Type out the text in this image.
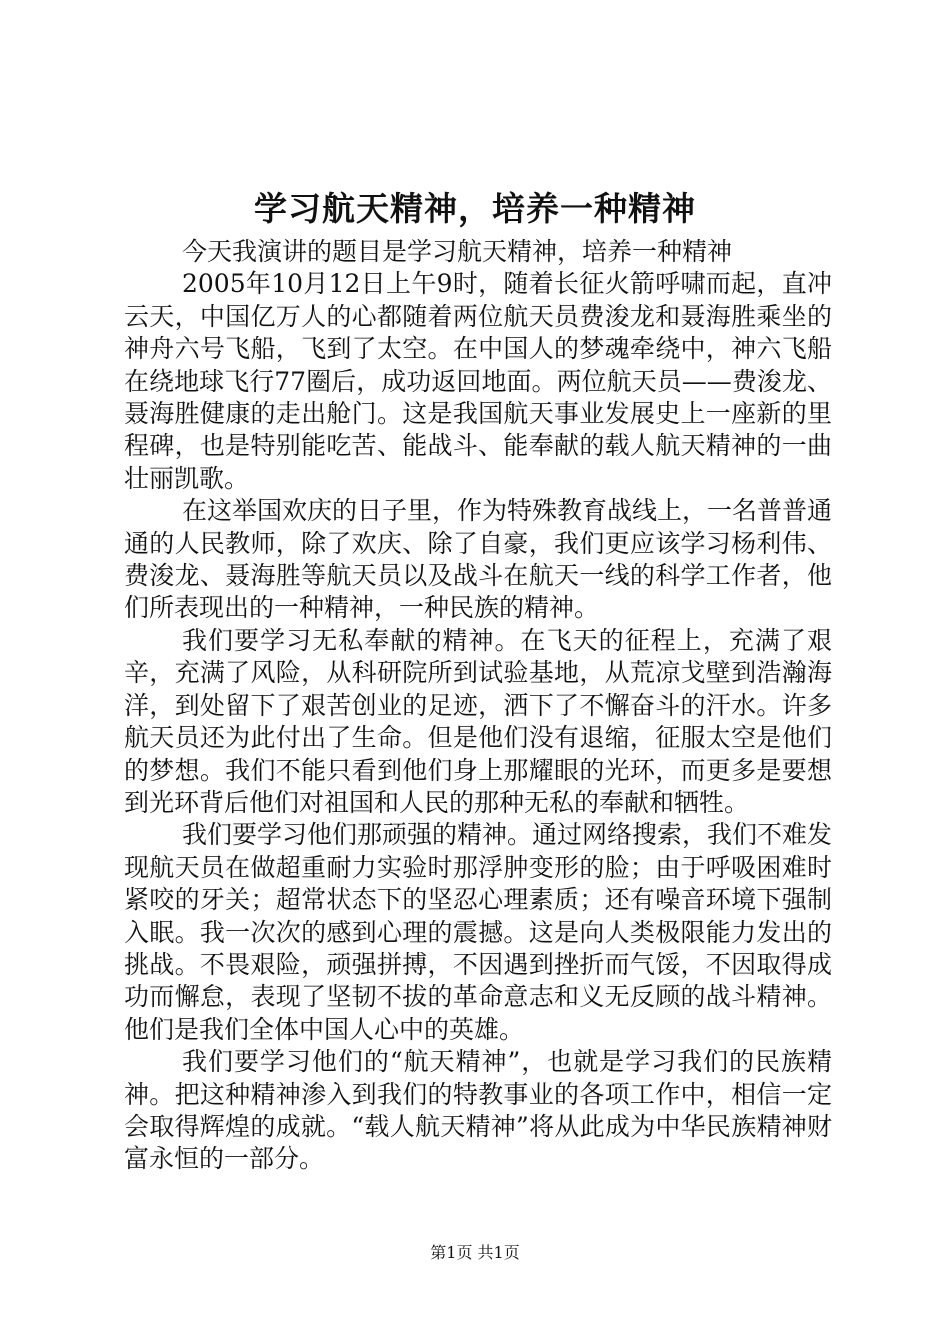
学习航天精神，培养一种精神

今天我演讲的题目是学习航天精神，培养一种精神

2005年10月12日上午9时，随着长征火箭呼啸而起，直冲云天，中国亿万人的心都随着两位航天员费浚龙和聂海胜乘坐的神舟六号飞船，飞到了太空。在中国人的梦魂牵绕中，神六飞船在绕地球飞行77圈后，成功返回地面。两位航天员——费浚龙、聂海胜健康的走出舱门。这是我国航天事业发展史上一座新的里程碑，也是特别能吃苦、能战斗、能奉献的载人航天精神的一曲壮丽凯歌。

在这举国欢庆的日子里，作为特殊教育战线上，一名普普通通的人民教师，除了欢庆、除了自豪，我们更应该学习杨利伟、费浚龙、聂海胜等航天员以及战斗在航天一线的科学工作者，他们所表现出的一种精神，一种民族的精神。

我们要学习无私奉献的精神。在飞天的征程上，充满了艰辛，充满了风险，从科研院所到试验基地，从荒凉戈壁到浩瀚海洋，到处留下了艰苦创业的足迹，洒下了不懈奋斗的汗水。许多航天员还为此付出了生命。但是他们没有退缩，征服太空是他们的梦想。我们不能只看到他们身上那耀眼的光环，而更多是要想到光环背后他们对祖国和人民的那种无私的奉献和牺牲。

我们要学习他们那顽强的精神。通过网络搜索，我们不难发现航天员在做超重耐力实验时那浮肿变形的脸；由于呼吸困难时紧咬的牙关；超常状态下的坚忍心理素质；还有噪音环境下强制入眠。我一次次的感到心理的震撼。这是向人类极限能力发出的挑战。不畏艰险，顽强拼搏，不因遇到挫折而气馁，不因取得成功而懈怠，表现了坚韧不拔的革命意志和义无反顾的战斗精神。他们是我们全体中国人心中的英雄。

我们要学习他们的“航天精神”，也就是学习我们的民族精神。把这种精神渗入到我们的特教事业的各项工作中，相信一定会取得辉煌的成就。“载人航天精神”将从此成为中华民族精神财富永恒的一部分。

第1页 共1页
